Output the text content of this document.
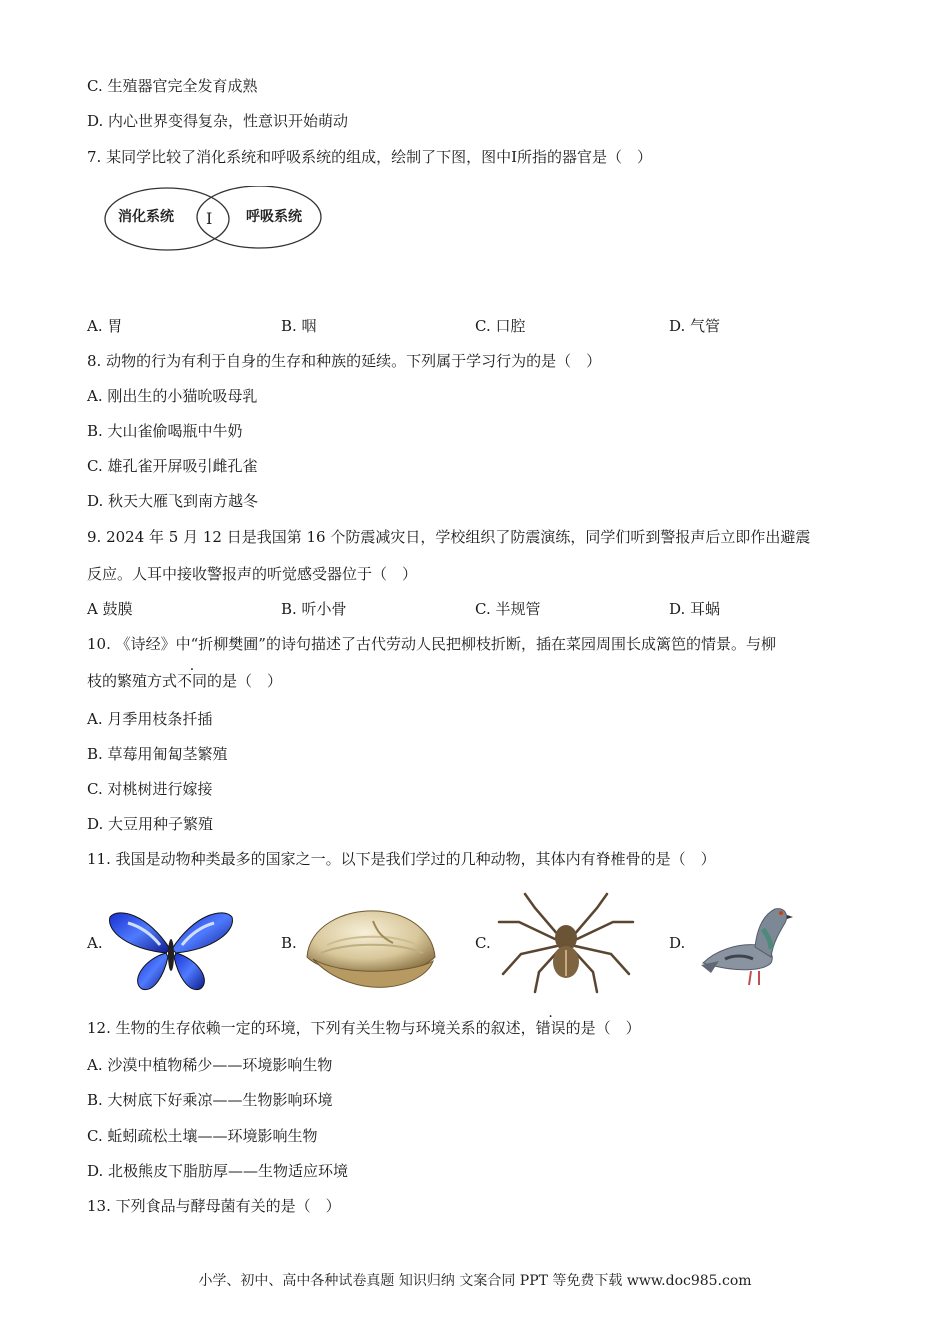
C. 生殖器官完全发育成熟
D. 内心世界变得复杂，性意识开始萌动
7. 某同学比较了消化系统和呼吸系统的组成，绘制了下图，图中Ⅰ所指的器官是（　）
消化系统 Ⅰ 呼吸系统
A. 胃	B. 咽	C. 口腔	D. 气管
8. 动物的行为有利于自身的生存和种族的延续。下列属于学习行为的是（　）
A. 刚出生的小猫吮吸母乳
B. 大山雀偷喝瓶中牛奶
C. 雄孔雀开屏吸引雌孔雀
D. 秋天大雁飞到南方越冬
9. 2024 年 5 月 12 日是我国第 16 个防震减灾日，学校组织了防震演练，同学们听到警报声后立即作出避震
反应。人耳中接收警报声的听觉感受器位于（　）
A 鼓膜	B. 听小骨	C. 半规管	D. 耳蜗
10. 《诗经》中“折柳樊圃”的诗句描述了古代劳动人民把柳枝折断，插在菜园周围长成篱笆的情景。与柳
枝的繁殖方式不同的是（　）
A. 月季用枝条扦插
B. 草莓用匍匐茎繁殖
C. 对桃树进行嫁接
D. 大豆用种子繁殖
11. 我国是动物种类最多的国家之一。以下是我们学过的几种动物，其体内有脊椎骨的是（　）
A.	B.	C.	D.
12. 生物的生存依赖一定的环境，下列有关生物与环境关系的叙述，错误的是（　）
A. 沙漠中植物稀少——环境影响生物
B. 大树底下好乘凉——生物影响环境
C. 蚯蚓疏松土壤——环境影响生物
D. 北极熊皮下脂肪厚——生物适应环境
13. 下列食品与酵母菌有关的是（　）
小学、初中、高中各种试卷真题 知识归纳 文案合同 PPT 等免费下载 www.doc985.com
